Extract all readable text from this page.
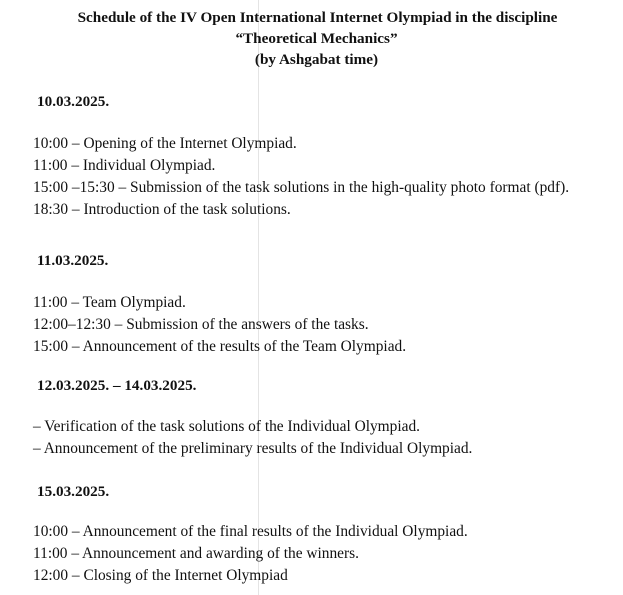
Schedule of the IV Open International Internet Olympiad in the discipline
“Theoretical Mechanics”
(by Ashgabat time)
10.03.2025.
10:00 – Opening of the Internet Olympiad.
11:00 – Individual Olympiad.
15:00 –15:30 – Submission of the task solutions in the high-quality photo format (pdf).
18:30 – Introduction of the task solutions.
11.03.2025.
11:00 – Team Olympiad.
12:00–12:30 – Submission of the answers of the tasks.
15:00 – Announcement of the results of the Team Olympiad.
12.03.2025. – 14.03.2025.
– Verification of the task solutions of the Individual Olympiad.
– Announcement of the preliminary results of the Individual Olympiad.
15.03.2025.
10:00 – Announcement of the final results of the Individual Olympiad.
11:00 – Announcement and awarding of the winners.
12:00 – Closing of the Internet Olympiad
